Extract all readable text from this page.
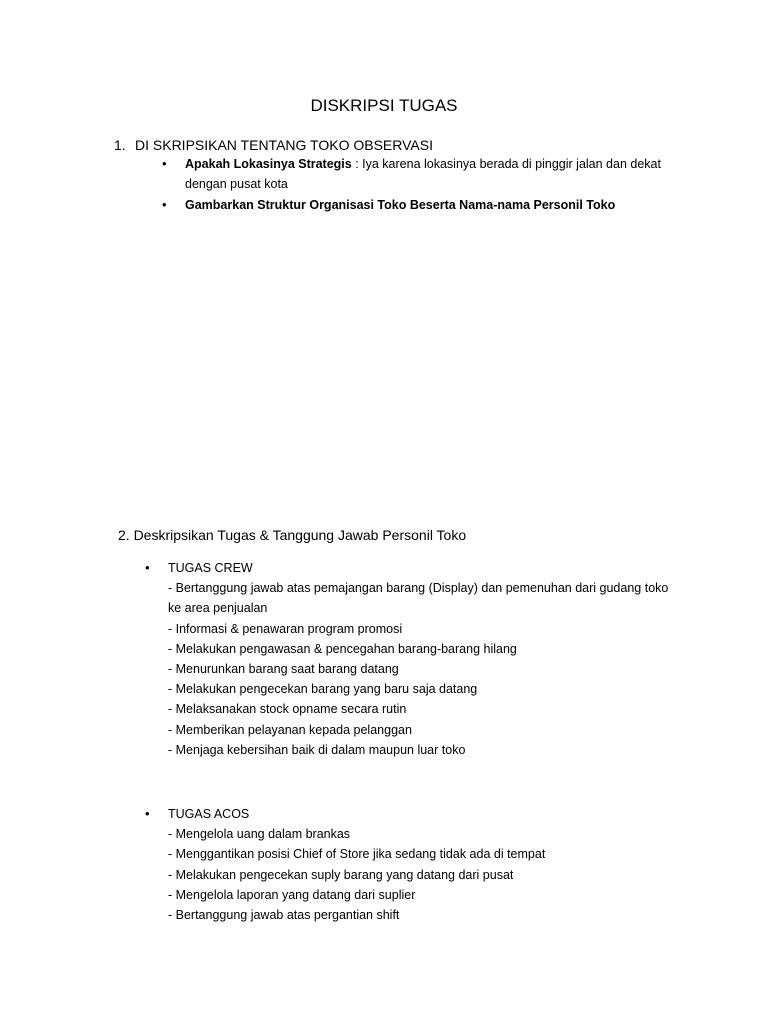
DISKRIPSI TUGAS
1. DI SKRIPSIKAN TENTANG TOKO OBSERVASI
• Apakah Lokasinya Strategis : Iya karena lokasinya berada di pinggir jalan dan dekat
dengan pusat kota
• Gambarkan Struktur Organisasi Toko Beserta Nama-nama Personil Toko
2. Deskripsikan Tugas & Tanggung Jawab Personil Toko
• TUGAS CREW
- Bertanggung jawab atas pemajangan barang (Display) dan pemenuhan dari gudang toko
ke area penjualan
- Informasi & penawaran program promosi
- Melakukan pengawasan & pencegahan barang-barang hilang
- Menurunkan barang saat barang datang
- Melakukan pengecekan barang yang baru saja datang
- Melaksanakan stock opname secara rutin
- Memberikan pelayanan kepada pelanggan
- Menjaga kebersihan baik di dalam maupun luar toko
• TUGAS ACOS
- Mengelola uang dalam brankas
- Menggantikan posisi Chief of Store jika sedang tidak ada di tempat
- Melakukan pengecekan suply barang yang datang dari pusat
- Mengelola laporan yang datang dari suplier
- Bertanggung jawab atas pergantian shift
